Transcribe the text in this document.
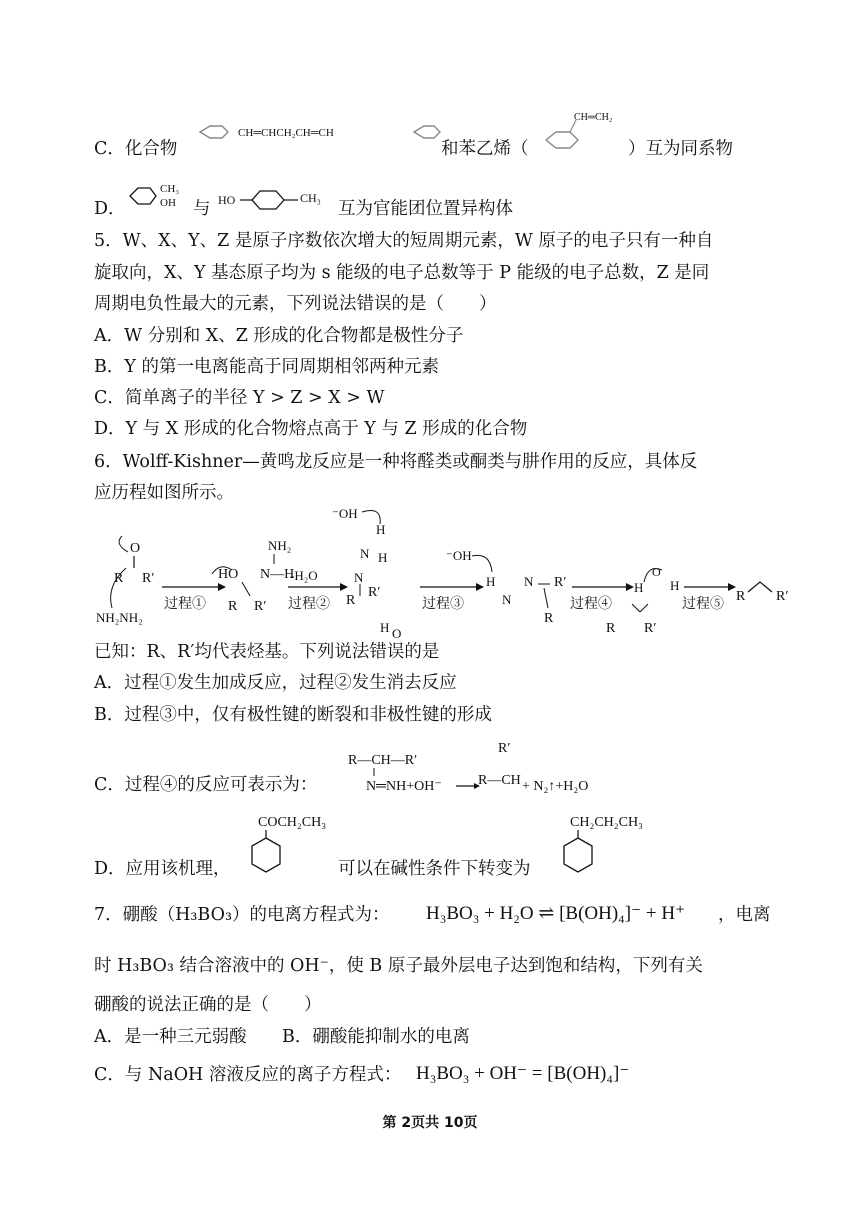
C．化合物
CH═CHCH₂CH═CH
和苯乙烯（
CH═CH₂
）互为同系物
D．
CH₃
OH 与 HO	CH₃
互为官能团位置异构体
5．W、X、Y、Z 是原子序数依次增大的短周期元素，W 原子的电子只有一种自
旋取向，X、Y 基态原子均为 s 能级的电子总数等于 P 能级的电子总数，Z 是同
周期电负性最大的元素，下列说法错误的是（　　）
A．W 分别和 X、Z 形成的化合物都是极性分子
B．Y 的第一电离能高于同周期相邻两种元素
C．简单离子的半径 Y > Z > X > W
D．Y 与 X 形成的化合物熔点高于 Y 与 Z 形成的化合物
6．Wolff-Kishner—黄鸣龙反应是一种将醛类或酮类与肼作用的反应，具体反
应历程如图所示。
O
R R′
NH₂NH₂
过程①
NH₂
HO N—H
R R′
-H₂O
过程②
⁻OH
H
N H
N
R
R′
H O
过程③
⁻OH
H
N
N
R
R′
过程④
H
O
H
R R′
过程⑤
R R′
已知：R、R′均代表烃基。下列说法错误的是
A．过程①发生加成反应，过程②发生消去反应
B．过程③中，仅有极性键的断裂和非极性键的形成
C．过程④的反应可表示为：
R—CH—R′
N═NH+OH⁻
R′
R—CH + N₂↑+H₂O
D．应用该机理，
COCH₂CH₃
可以在碱性条件下转变为
CH₂CH₂CH₃
7．硼酸（H₃BO₃）的电离方程式为： H₃BO₃ + H₂O ⇌ [B(OH)₄]⁻ + H⁺ ，电离
时 H₃BO₃ 结合溶液中的 OH⁻，使 B 原子最外层电子达到饱和结构，下列有关
硼酸的说法正确的是（　　）
A．是一种三元弱酸 B．硼酸能抑制水的电离
C．与 NaOH 溶液反应的离子方程式： H₃BO₃ + OH⁻ = [B(OH)₄]⁻
第 2页共 10页
